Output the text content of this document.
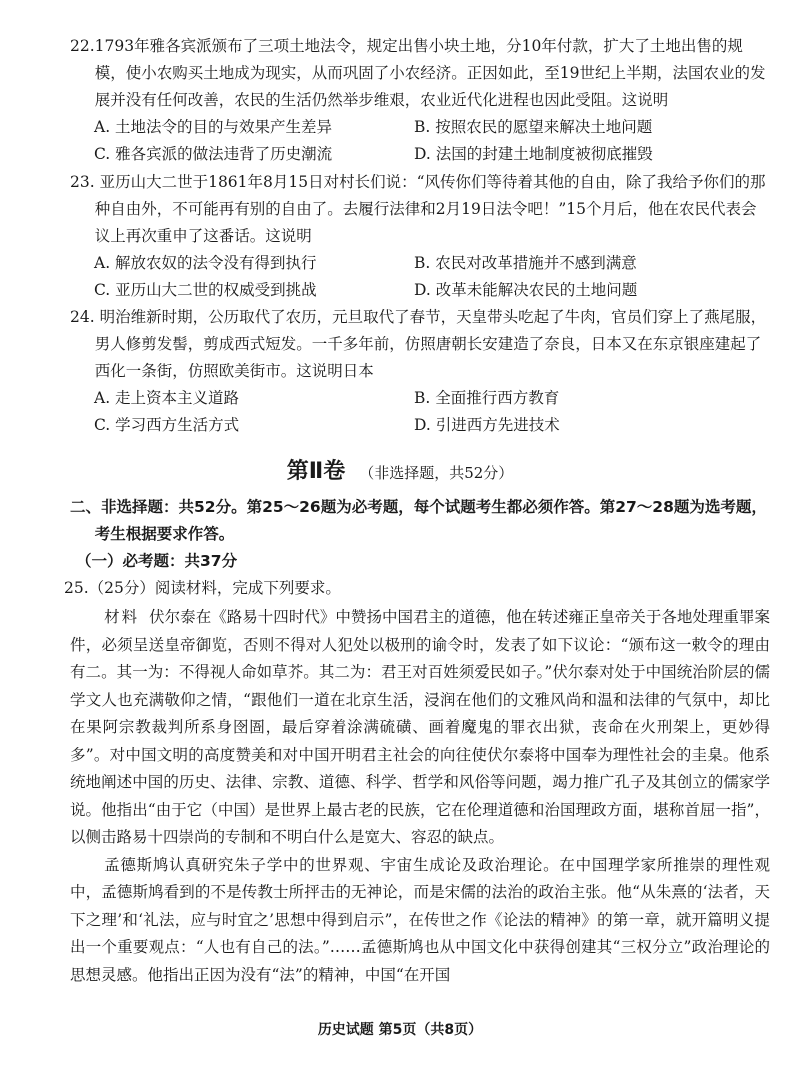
22.1793年雅各宾派颁布了三项土地法令，规定出售小块土地，分10年付款，扩大了土地出售的规模，使小农购买土地成为现实，从而巩固了小农经济。正因如此，至19世纪上半期，法国农业的发展并没有任何改善，农民的生活仍然举步维艰，农业近代化进程也因此受阻。这说明
A. 土地法令的目的与效果产生差异	B. 按照农民的愿望来解决土地问题
C. 雅各宾派的做法违背了历史潮流	D. 法国的封建土地制度被彻底摧毁
23. 亚历山大二世于1861年8月15日对村长们说：“风传你们等待着其他的自由，除了我给予你们的那种自由外，不可能再有别的自由了。去履行法律和2月19日法令吧！”15个月后，他在农民代表会议上再次重申了这番话。这说明
A. 解放农奴的法令没有得到执行	B. 农民对改革措施并不感到满意
C. 亚历山大二世的权威受到挑战	D. 改革未能解决农民的土地问题
24. 明治维新时期，公历取代了农历，元旦取代了春节，天皇带头吃起了牛肉，官员们穿上了燕尾服，男人修剪发髻，剪成西式短发。一千多年前，仿照唐朝长安建造了奈良，日本又在东京银座建起了西化一条街，仿照欧美街市。这说明日本
A. 走上资本主义道路	B. 全面推行西方教育
C. 学习西方生活方式	D. 引进西方先进技术
第Ⅱ卷 （非选择题，共52分）
二、非选择题：共52分。第25～26题为必考题，每个试题考生都必须作答。第27～28题为选考题，考生根据要求作答。
（一）必考题：共37分
25.（25分）阅读材料，完成下列要求。

材料 伏尔泰在《路易十四时代》中赞扬中国君主的道德，他在转述雍正皇帝关于各地处理重罪案件，必须呈送皇帝御览，否则不得对人犯处以极刑的谕令时，发表了如下议论：“颁布这一敕令的理由有二。其一为：不得视人命如草芥。其二为：君王对百姓须爱民如子。”伏尔泰对处于中国统治阶层的儒学文人也充满敬仰之情，“跟他们一道在北京生活，浸润在他们的文雅风尚和温和法律的气氛中，却比在果阿宗教裁判所系身囹圄，最后穿着涂满硫磺、画着魔鬼的罪衣出狱，丧命在火刑架上，更妙得多”。对中国文明的高度赞美和对中国开明君主社会的向往使伏尔泰将中国奉为理性社会的圭臬。他系统地阐述中国的历史、法律、宗教、道德、科学、哲学和风俗等问题，竭力推广孔子及其创立的儒家学说。他指出“由于它（中国）是世界上最古老的民族，它在伦理道德和治国理政方面，堪称首屈一指”，以侧击路易十四崇尚的专制和不明白什么是宽大、容忍的缺点。

孟德斯鸠认真研究朱子学中的世界观、宇宙生成论及政治理论。在中国理学家所推崇的理性观中，孟德斯鸠看到的不是传教士所抨击的无神论，而是宋儒的法治的政治主张。他“从朱熹的‘法者，天下之理’和‘礼法，应与时宜之’思想中得到启示”，在传世之作《论法的精神》的第一章，就开篇明义提出一个重要观点：“人也有自己的法。”……孟德斯鸠也从中国文化中获得创建其“三权分立”政治理论的思想灵感。他指出正因为没有“法”的精神，中国“在开国

历史试题 第5页（共8页）
